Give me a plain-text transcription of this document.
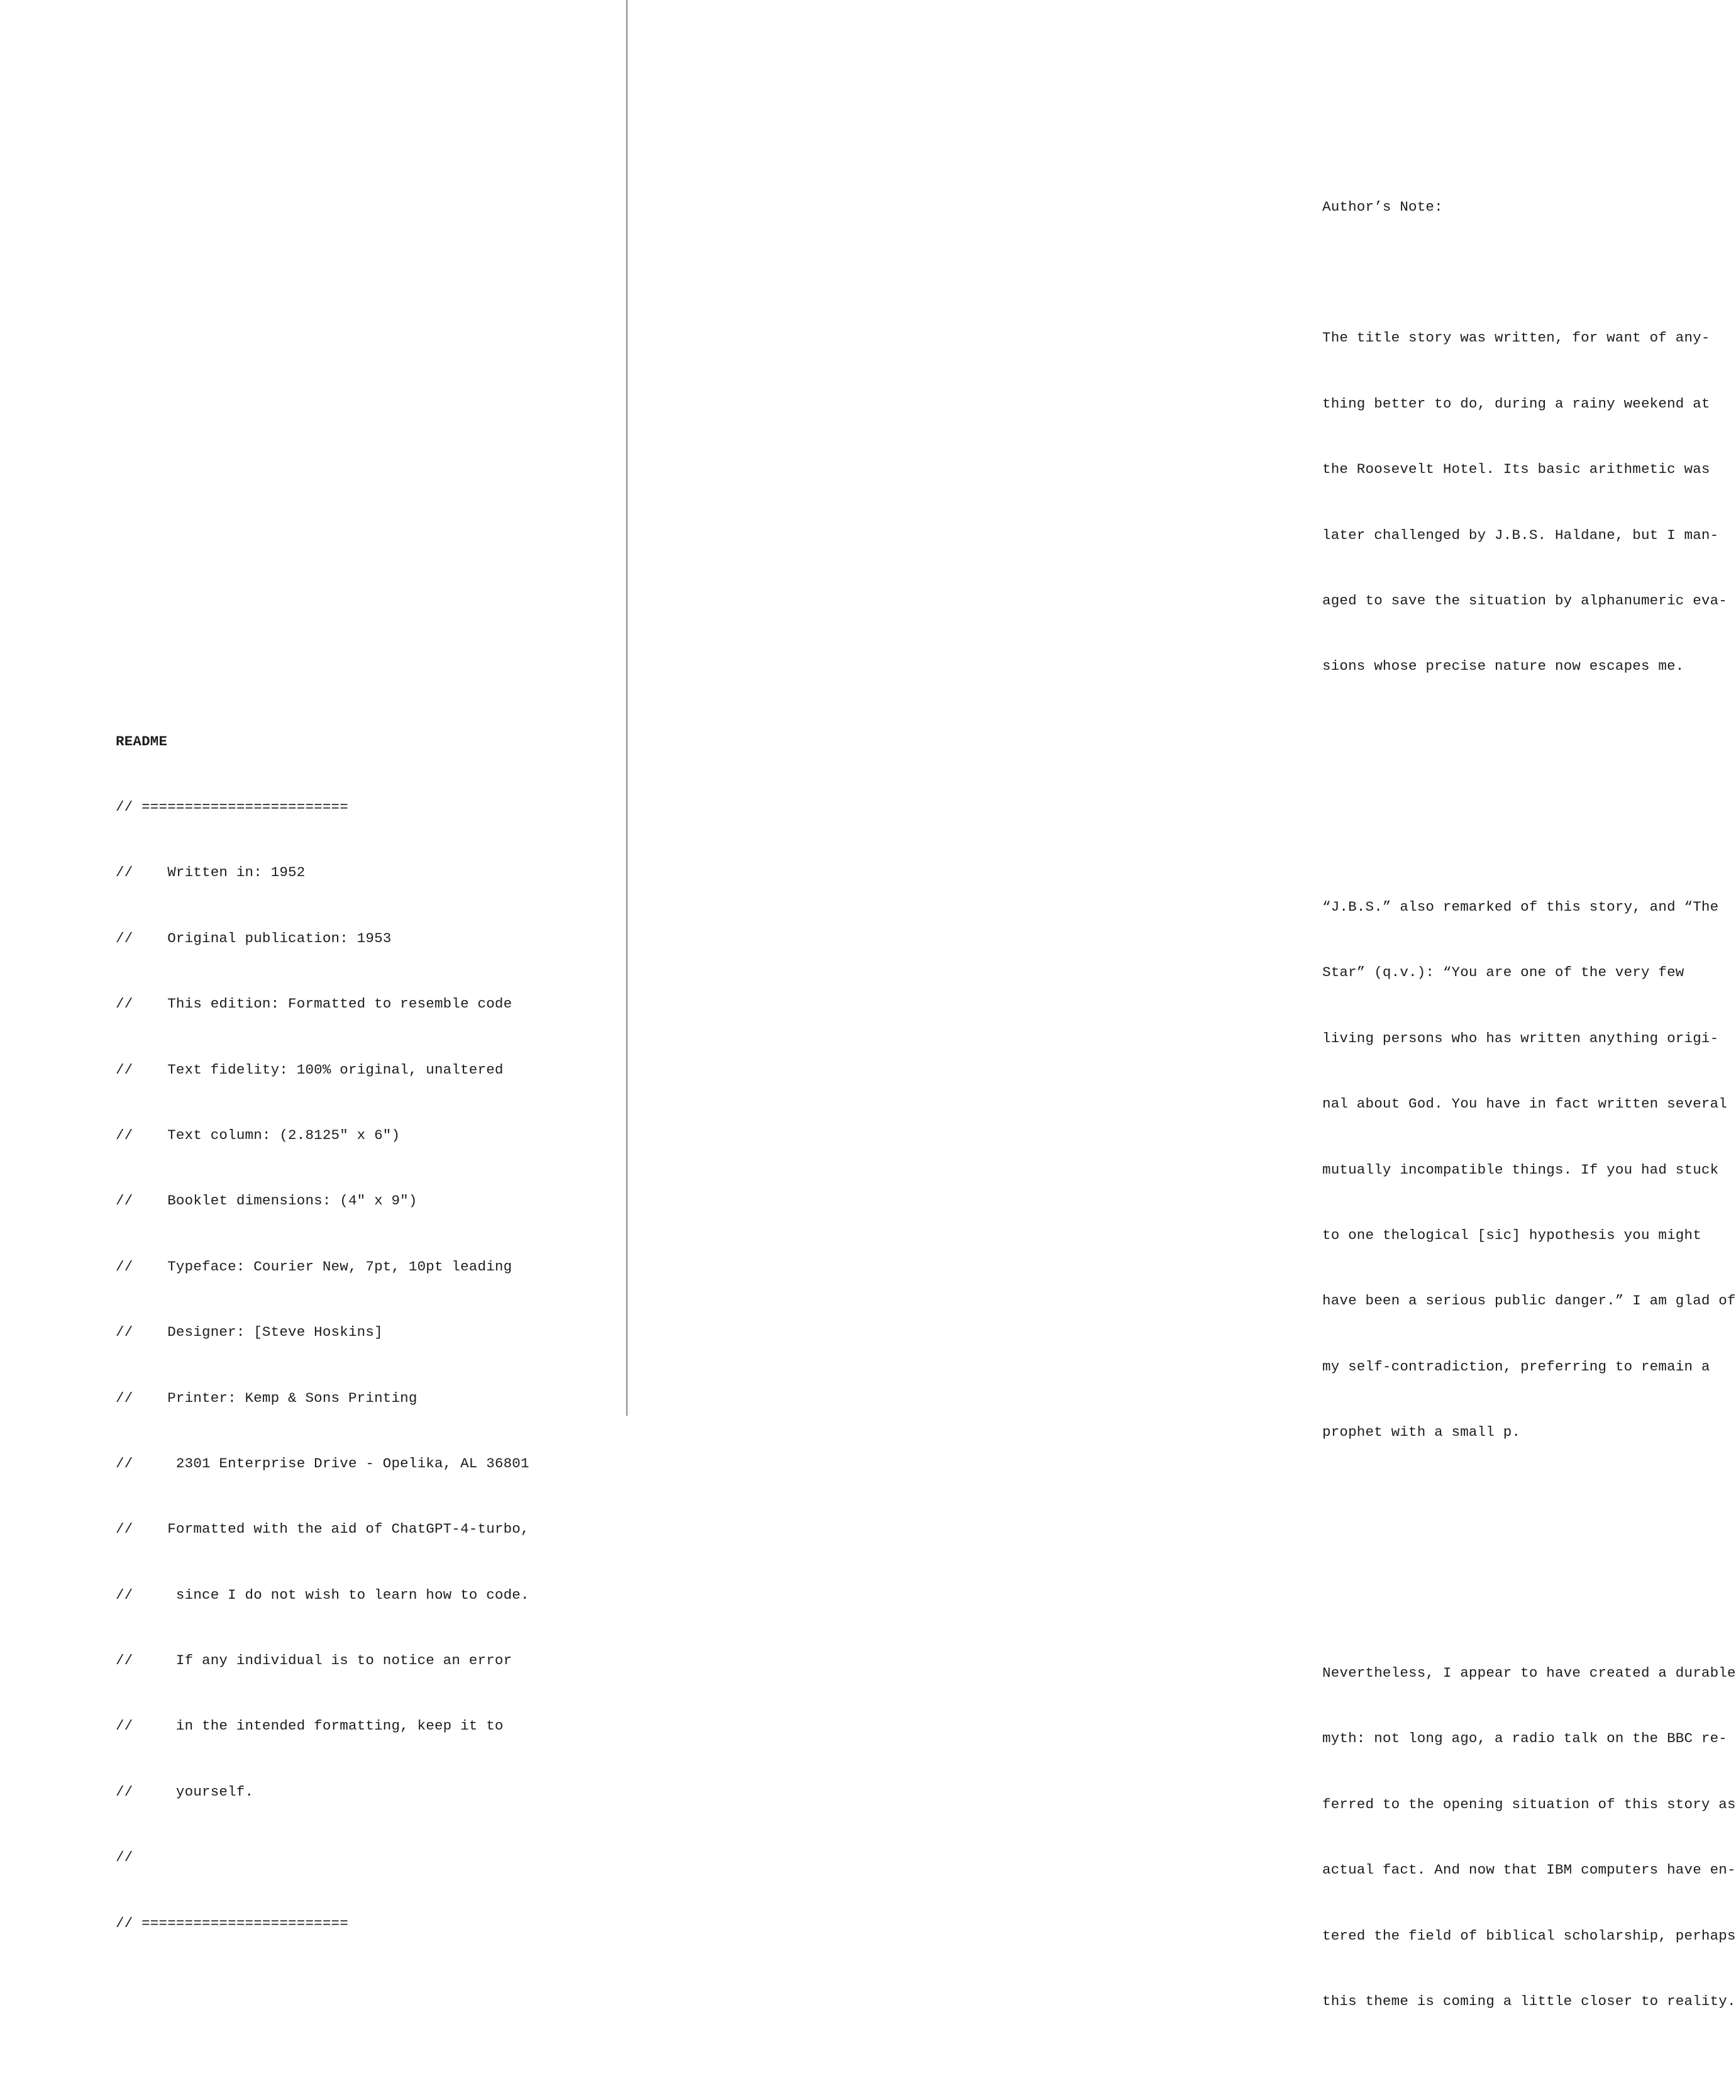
README

// ========================

//    Written in: 1952

//    Original publication: 1953

//    This edition: Formatted to resemble code

//    Text fidelity: 100% original, unaltered

//    Text column: (2.8125″ x 6″)

//    Booklet dimensions: (4″ x 9″)

//    Typeface: Courier New, 7pt, 10pt leading

//    Designer: [Steve Hoskins]

//    Printer: Kemp & Sons Printing

//     2301 Enterprise Drive - Opelika, AL 36801

//    Formatted with the aid of ChatGPT-4-turbo,

//     since I do not wish to learn how to code.

//     If any individual is to notice an error

//     in the intended formatting, keep it to

//     yourself.

//

// ========================

Author’s Note:

The title story was written, for want of any-

thing better to do, during a rainy weekend at

the Roosevelt Hotel. Its basic arithmetic was

later challenged by J.B.S. Haldane, but I man-

aged to save the situation by alphanumeric eva-

sions whose precise nature now escapes me.

“J.B.S.” also remarked of this story, and “The

Star” (q.v.): “You are one of the very few

living persons who has written anything origi-

nal about God. You have in fact written several

mutually incompatible things. If you had stuck

to one thelogical [sic] hypothesis you might

have been a serious public danger.” I am glad of

my self-contradiction, preferring to remain a

prophet with a small p.

Nevertheless, I appear to have created a durable

myth: not long ago, a radio talk on the BBC re-

ferred to the opening situation of this story as

actual fact. And now that IBM computers have en-

tered the field of biblical scholarship, perhaps

this theme is coming a little closer to reality.
